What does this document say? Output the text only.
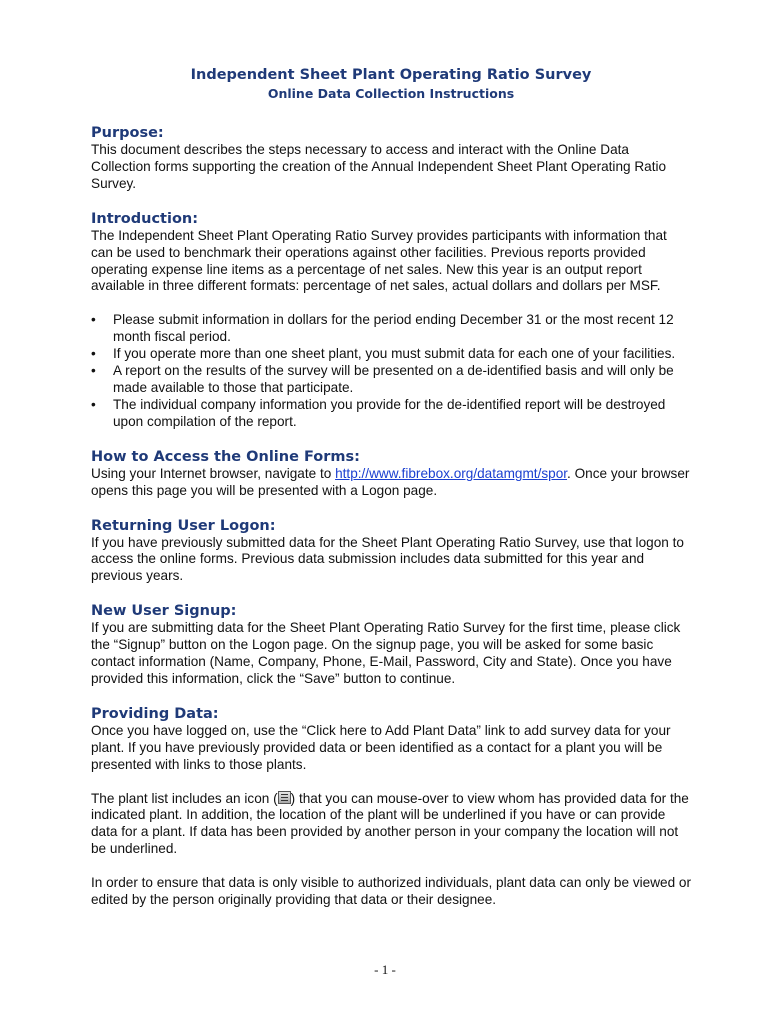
Independent Sheet Plant Operating Ratio Survey

Online Data Collection Instructions

Purpose:

This document describes the steps necessary to access and interact with the Online Data Collection forms supporting the creation of the Annual Independent Sheet Plant Operating Ratio Survey.

Introduction:

The Independent Sheet Plant Operating Ratio Survey provides participants with information that can be used to benchmark their operations against other facilities. Previous reports provided operating expense line items as a percentage of net sales. New this year is an output report available in three different formats: percentage of net sales, actual dollars and dollars per MSF.

• Please submit information in dollars for the period ending December 31 or the most recent 12 month fiscal period.
• If you operate more than one sheet plant, you must submit data for each one of your facilities.
• A report on the results of the survey will be presented on a de-identified basis and will only be made available to those that participate.
• The individual company information you provide for the de-identified report will be destroyed upon compilation of the report.
How to Access the Online Forms:

Using your Internet browser, navigate to http://www.fibrebox.org/datamgmt/spor. Once your browser opens this page you will be presented with a Logon page.

Returning User Logon:

If you have previously submitted data for the Sheet Plant Operating Ratio Survey, use that logon to access the online forms. Previous data submission includes data submitted for this year and previous years.

New User Signup:

If you are submitting data for the Sheet Plant Operating Ratio Survey for the first time, please click the “Signup” button on the Logon page. On the signup page, you will be asked for some basic contact information (Name, Company, Phone, E-Mail, Password, City and State). Once you have provided this information, click the “Save” button to continue.

Providing Data:

Once you have logged on, use the “Click here to Add Plant Data” link to add survey data for your plant. If you have previously provided data or been identified as a contact for a plant you will be presented with links to those plants.

The plant list includes an icon ( ) that you can mouse-over to view whom has provided data for the indicated plant. In addition, the location of the plant will be underlined if you have or can provide data for a plant. If data has been provided by another person in your company the location will not be underlined.

In order to ensure that data is only visible to authorized individuals, plant data can only be viewed or edited by the person originally providing that data or their designee.

- 1 -
